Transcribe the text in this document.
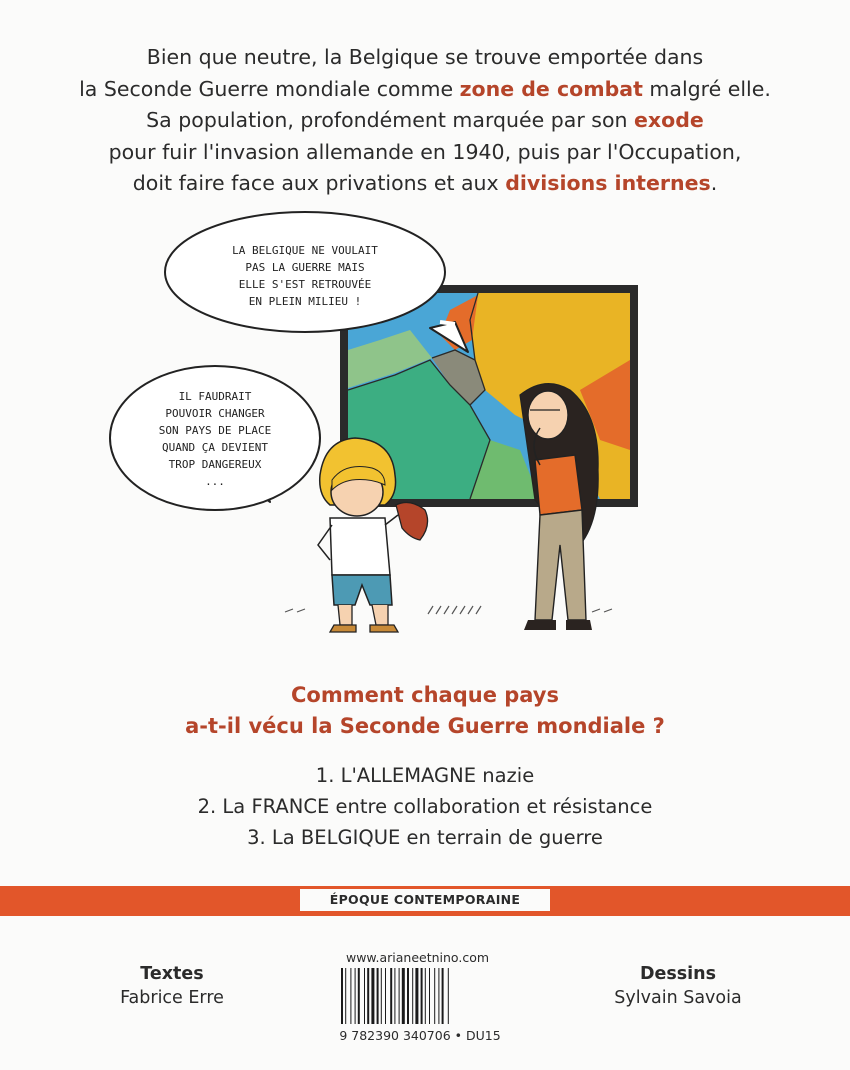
Bien que neutre, la Belgique se trouve emportée dans
la Seconde Guerre mondiale comme zone de combat malgré elle.
Sa population, profondément marquée par son exode
pour fuir l'invasion allemande en 1940, puis par l'Occupation,
doit faire face aux privations et aux divisions internes.
LA BELGIQUE NE VOULAIT
PAS LA GUERRE MAIS
ELLE S'EST RETROUVÉE
EN PLEIN MILIEU !
IL FAUDRAIT
POUVOIR CHANGER
SON PAYS DE PLACE
QUAND ÇA DEVIENT
TROP DANGEREUX
...
Comment chaque pays
a-t-il vécu la Seconde Guerre mondiale ?
1. L'ALLEMAGNE nazie
2. La FRANCE entre collaboration et résistance
3. La BELGIQUE en terrain de guerre
ÉPOQUE CONTEMPORAINE
Textes
Fabrice Erre
Dessins
Sylvain Savoia
www.arianeetnino.com
9 782390 340706 • DU15
